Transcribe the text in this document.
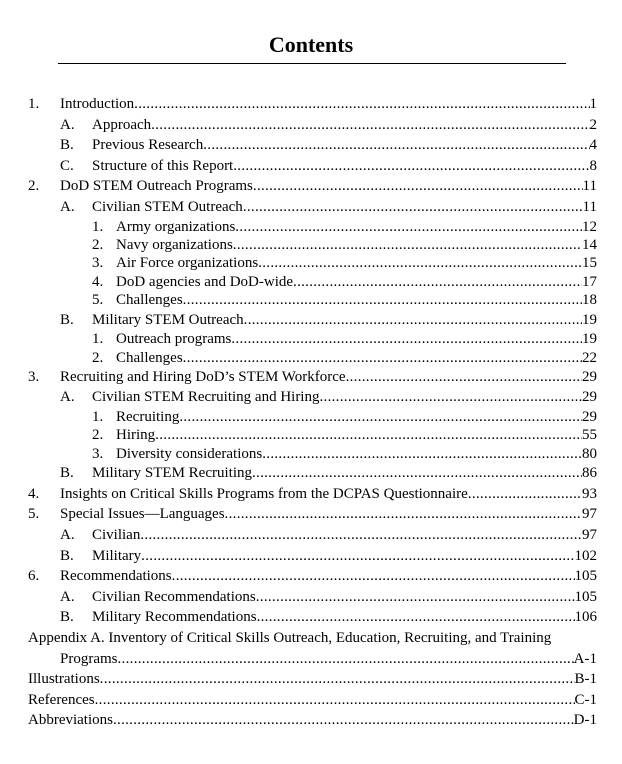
Contents
1. Introduction .....	1
A. Approach .....	2
B. Previous Research .....	4
C. Structure of this Report .....	8
2. DoD STEM Outreach Programs .....	11
A. Civilian STEM Outreach .....	11
1. Army organizations .....	12
2. Navy organizations .....	14
3. Air Force organizations .....	15
4. DoD agencies and DoD-wide .....	17
5. Challenges .....	18
B. Military STEM Outreach .....	19
1. Outreach programs .....	19
2. Challenges .....	22
3. Recruiting and Hiring DoD’s STEM Workforce .....	29
A. Civilian STEM Recruiting and Hiring .....	29
1. Recruiting .....	29
2. Hiring .....	55
3. Diversity considerations .....	80
B. Military STEM Recruiting .....	86
4. Insights on Critical Skills Programs from the DCPAS Questionnaire .....	93
5. Special Issues—Languages .....	97
A. Civilian .....	97
B. Military .....	102
6. Recommendations .....	105
A. Civilian Recommendations .....	105
B. Military Recommendations .....	106
Appendix A. Inventory of Critical Skills Outreach, Education, Recruiting, and Training
Programs .....	A-1
Illustrations .....	B-1
References .....	C-1
Abbreviations .....	D-1
